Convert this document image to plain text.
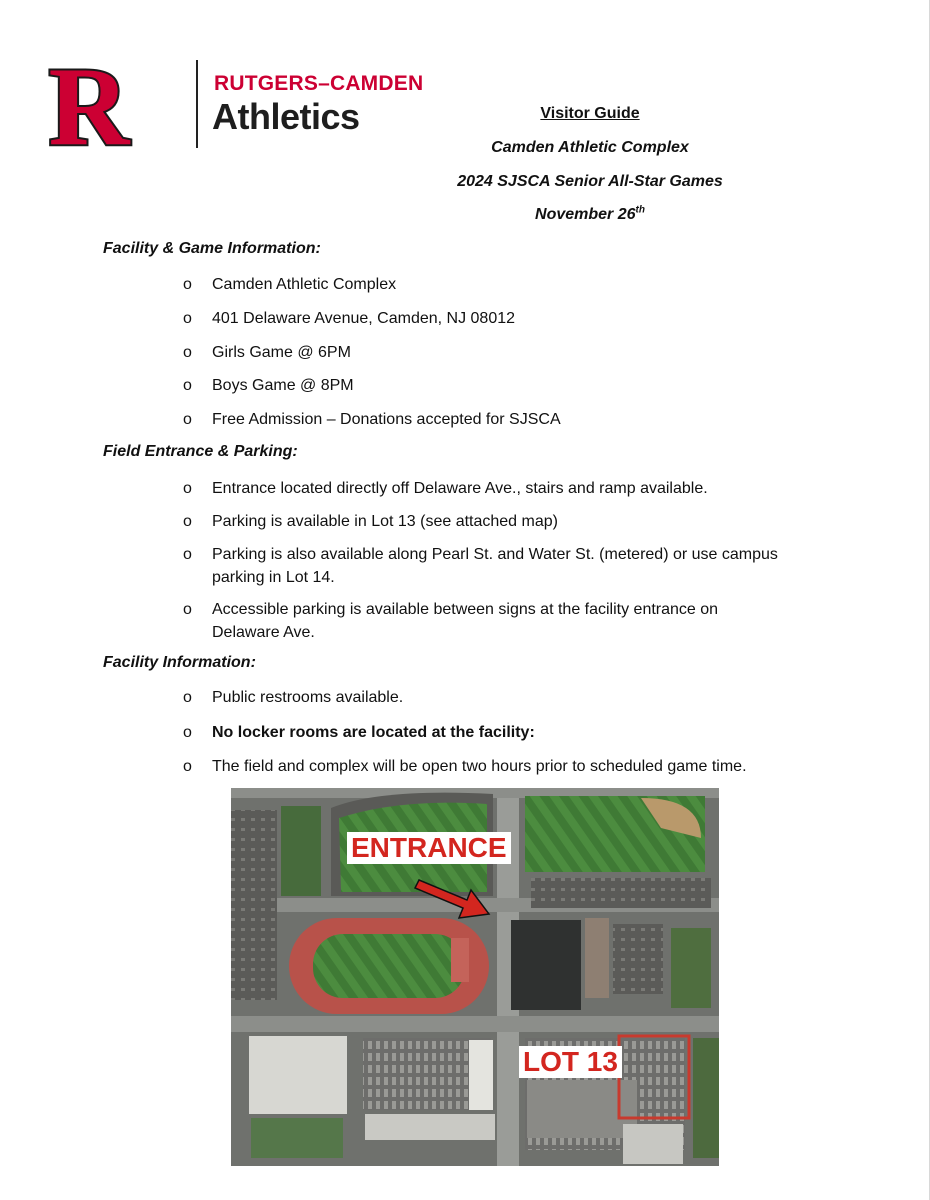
R	RUTGERS–CAMDEN
Athletics	Visitor Guide
Camden Athletic Complex
2024 SJSCA Senior All-Star Games
November 26th
Facility & Game Information:
o Camden Athletic Complex
o 401 Delaware Avenue, Camden, NJ 08012
o Girls Game @ 6PM
o Boys Game @ 8PM
o Free Admission – Donations accepted for SJSCA
Field Entrance & Parking:
o Entrance located directly off Delaware Ave., stairs and ramp available.
o Parking is available in Lot 13 (see attached map)
o Parking is also available along Pearl St. and Water St. (metered) or use campus parking in Lot 14.
o Accessible parking is available between signs at the facility entrance on Delaware Ave.
Facility Information:
o Public restrooms available.
o No locker rooms are located at the facility:
o The field and complex will be open two hours prior to scheduled game time.
ENTRANCE
LOT 13
